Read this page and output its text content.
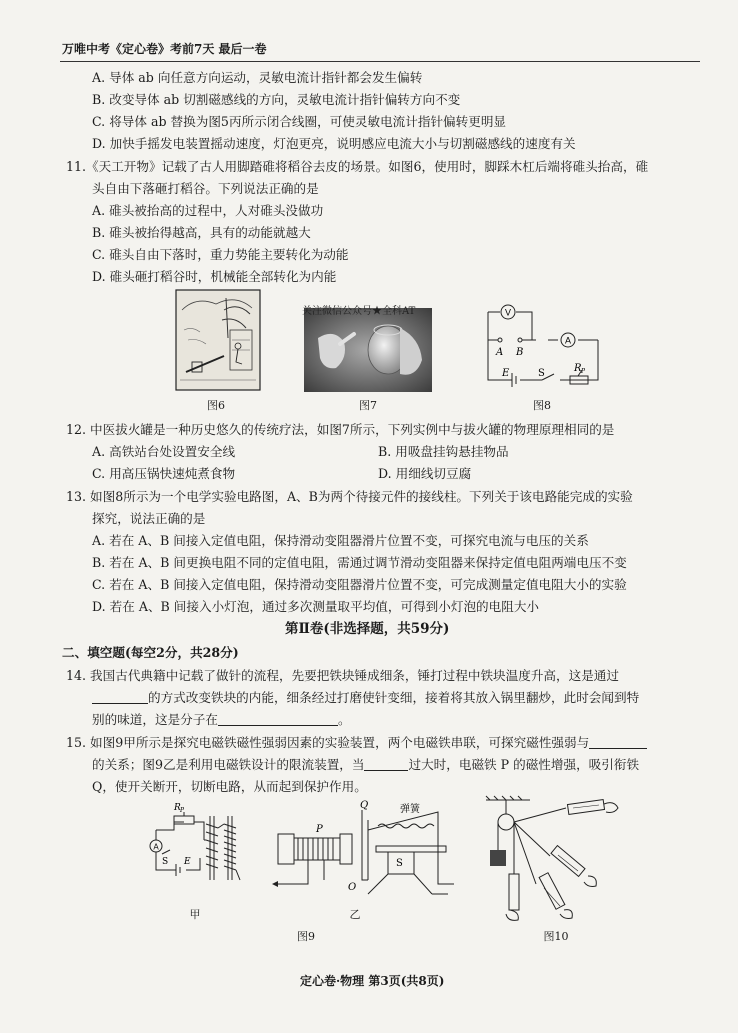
万唯中考《定心卷》考前7天 最后一卷
A. 导体 ab 向任意方向运动，灵敏电流计指针都会发生偏转
B. 改变导体 ab 切割磁感线的方向，灵敏电流计指针偏转方向不变
C. 将导体 ab 替换为图5丙所示闭合线圈，可使灵敏电流计指针偏转更明显
D. 加快手摇发电装置摇动速度，灯泡更亮，说明感应电流大小与切割磁感线的速度有关
11.《天工开物》记载了古人用脚踏碓将稻谷去皮的场景。如图6，使用时，脚踩木杠后端将碓头抬高，碓
头自由下落砸打稻谷。下列说法正确的是
A. 碓头被抬高的过程中，人对碓头没做功
B. 碓头被抬得越高，具有的动能就越大
C. 碓头自由下落时，重力势能主要转化为动能
D. 碓头砸打稻谷时，机械能全部转化为内能
图6
关注微信公众号★全科AT
图7
V
A
A B
E	S	R P
图8
12. 中医拔火罐是一种历史悠久的传统疗法，如图7所示，下列实例中与拔火罐的物理原理相同的是
A. 高铁站台处设置安全线	B. 用吸盘挂钩悬挂物品
C. 用高压锅快速炖煮食物	D. 用细线切豆腐
13. 如图8所示为一个电学实验电路图，A、B为两个待接元件的接线柱。下列关于该电路能完成的实验
探究，说法正确的是
A. 若在 A、B 间接入定值电阻，保持滑动变阻器滑片位置不变，可探究电流与电压的关系
B. 若在 A、B 间更换电阻不同的定值电阻，需通过调节滑动变阻器来保持定值电阻两端电压不变
C. 若在 A、B 间接入定值电阻，保持滑动变阻器滑片位置不变，可完成测量定值电阻大小的实验
D. 若在 A、B 间接入小灯泡，通过多次测量取平均值，可得到小灯泡的电阻大小
第Ⅱ卷(非选择题，共59分)
二、填空题(每空2分，共28分)
14. 我国古代典籍中记载了做针的流程，先要把铁块锤成细条，锤打过程中铁块温度升高，这是通过
的方式改变铁块的内能，细条经过打磨使针变细，接着将其放入锅里翻炒，此时会闻到特
别的味道，这是分子在	。
15. 如图9甲所示是探究电磁铁磁性强弱因素的实验装置，两个电磁铁串联，可探究磁性强弱与
的关系；图9乙是利用电磁铁设计的限流装置，当	过大时，电磁铁 P 的磁性增强，吸引衔铁
Q，使开关断开，切断电路，从而起到保护作用。
A
R P
S E
甲
P
Q	弹簧
S
O
乙
图9	图10
定心卷·物理 第3页(共8页)
